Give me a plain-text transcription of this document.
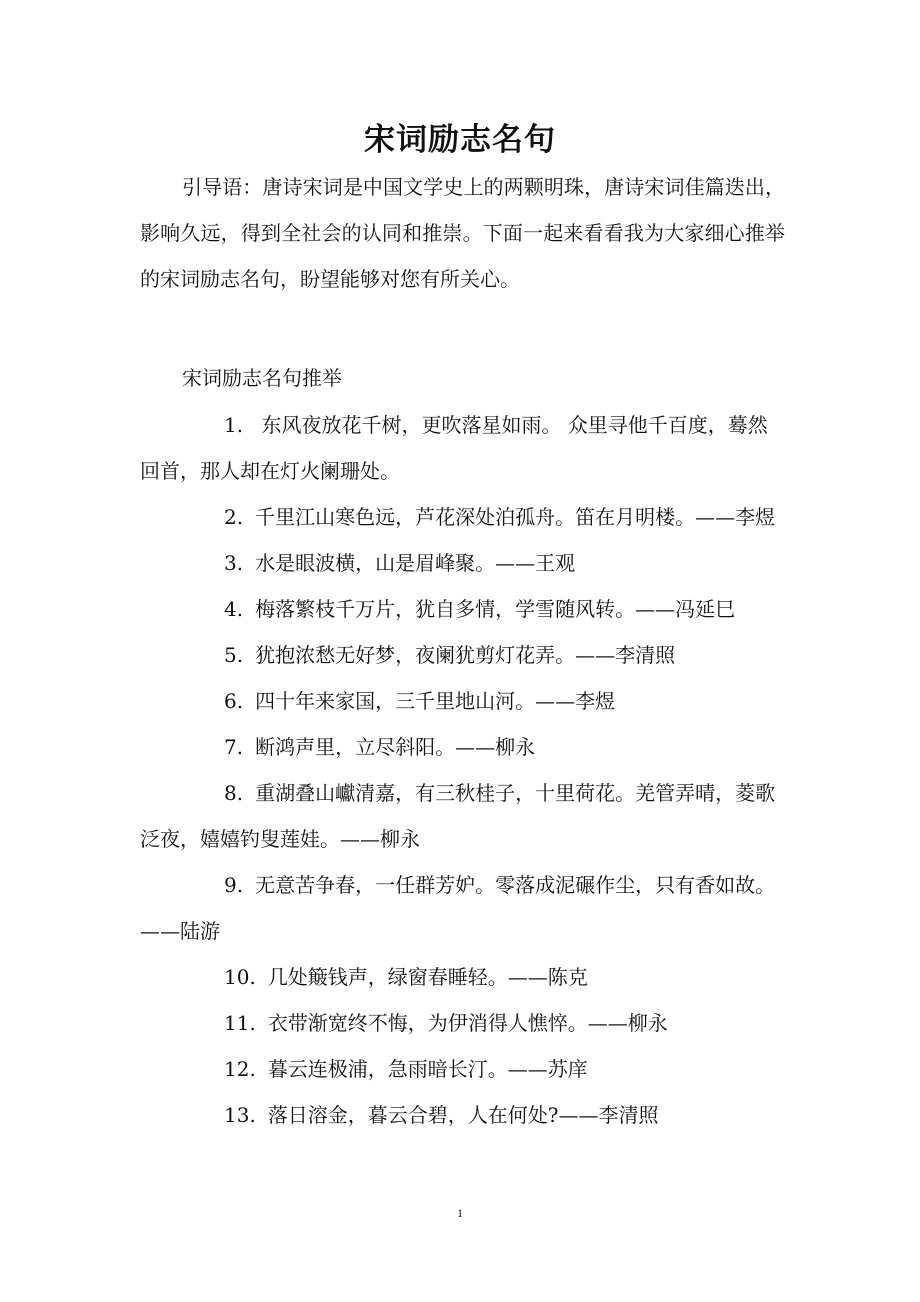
宋词励志名句

引导语：唐诗宋词是中国文学史上的两颗明珠，唐诗宋词佳篇迭出，影响久远，得到全社会的认同和推崇。下面一起来看看我为大家细心推举的宋词励志名句，盼望能够对您有所关心。

宋词励志名句推举
1. 东风夜放花千树，更吹落星如雨。 众里寻他千百度，蓦然回首，那人却在灯火阑珊处。
2. 千里江山寒色远，芦花深处泊孤舟。笛在月明楼。——李煜
3. 水是眼波横，山是眉峰聚。——王观
4. 梅落繁枝千万片，犹自多情，学雪随风转。——冯延巳
5. 犹抱浓愁无好梦，夜阑犹剪灯花弄。——李清照
6. 四十年来家国，三千里地山河。——李煜
7. 断鸿声里，立尽斜阳。——柳永
8. 重湖叠山巘清嘉，有三秋桂子，十里荷花。羌管弄晴，菱歌泛夜，嬉嬉钓叟莲娃。——柳永
9. 无意苦争春，一任群芳妒。零落成泥碾作尘，只有香如故。——陆游
10. 几处簸钱声，绿窗春睡轻。——陈克
11. 衣带渐宽终不悔，为伊消得人憔悴。——柳永
12. 暮云连极浦，急雨暗长汀。——苏庠
13. 落日溶金，暮云合碧，人在何处?——李清照
1
